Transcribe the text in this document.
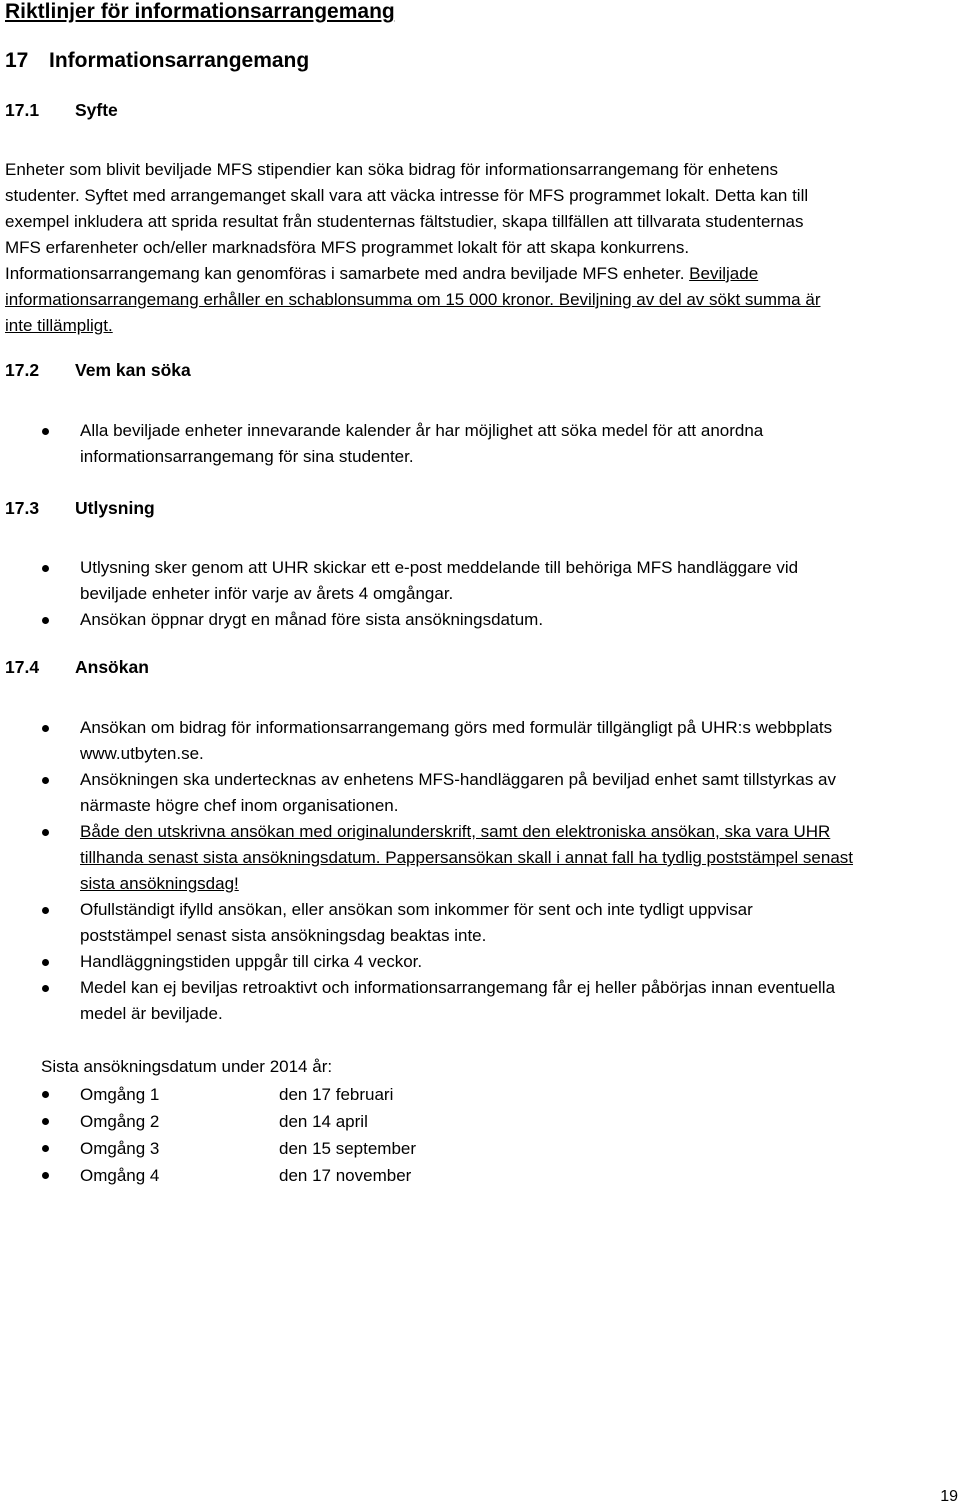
Riktlinjer för informationsarrangemang
17 Informationsarrangemang
17.1 Syfte
Enheter som blivit beviljade MFS stipendier kan söka bidrag för informationsarrangemang för enhetens
studenter. Syftet med arrangemanget skall vara att väcka intresse för MFS programmet lokalt. Detta kan till
exempel inkludera att sprida resultat från studenternas fältstudier, skapa tillfällen att tillvarata studenternas
MFS erfarenheter och/eller marknadsföra MFS programmet lokalt för att skapa konkurrens.
Informationsarrangemang kan genomföras i samarbete med andra beviljade MFS enheter. Beviljade
informationsarrangemang erhåller en schablonsumma om 15 000 kronor. Beviljning av del av sökt summa är
inte tillämpligt.
17.2 Vem kan söka
Alla beviljade enheter innevarande kalender år har möjlighet att söka medel för att anordna
informationsarrangemang för sina studenter.
17.3 Utlysning
Utlysning sker genom att UHR skickar ett e-post meddelande till behöriga MFS handläggare vid
beviljade enheter inför varje av årets 4 omgångar.
Ansökan öppnar drygt en månad före sista ansökningsdatum.
17.4 Ansökan
Ansökan om bidrag för informationsarrangemang görs med formulär tillgängligt på UHR:s webbplats
www.utbyten.se.
Ansökningen ska undertecknas av enhetens MFS-handläggaren på beviljad enhet samt tillstyrkas av
närmaste högre chef inom organisationen.
Både den utskrivna ansökan med originalunderskrift, samt den elektroniska ansökan, ska vara UHR
tillhanda senast sista ansökningsdatum. Pappersansökan skall i annat fall ha tydlig poststämpel senast
sista ansökningsdag!
Ofullständigt ifylld ansökan, eller ansökan som inkommer för sent och inte tydligt uppvisar
poststämpel senast sista ansökningsdag beaktas inte.
Handläggningstiden uppgår till cirka 4 veckor.
Medel kan ej beviljas retroaktivt och informationsarrangemang får ej heller påbörjas innan eventuella
medel är beviljade.
Sista ansökningsdatum under 2014 år:
Omgång 1	den 17 februari
Omgång 2	den 14 april
Omgång 3	den 15 september
Omgång 4	den 17 november
19
